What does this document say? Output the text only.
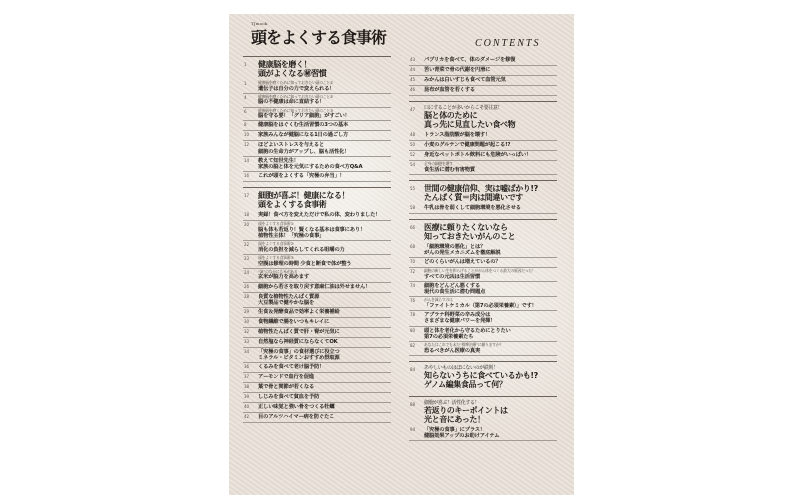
TJmook
頭をよくする食事術	CONTENTS
1 健康脳を磨く！
頭がよくなる㊙習慣
1	健康脳を磨くために知っておきたい頭のこと①
遺伝子は自分の力で変えられる！
4	健康脳を磨くために知っておきたい頭のこと②
脳の不健康は命に直結する！
6	健康脳を磨くために知っておきたい頭のこと③
脳を守る要！「グリア細胞」がすごい！
8 健康脳をはぐくむ生活習慣の3つの基本
10 家族みんなが健脳になる1日の過ごし方
12 ほどよいストレスを与えると
細胞の生命力がアップし、脳も活性化！
14 教えて知世先生！
家族の脳と体を元気にするための食べ方Q&A
16 これが頭をよくする「究極の弁当」！
17 細胞が喜ぶ！健康になる！
頭をよくする食事術
18 実録！食べ方を変えただけで私の体、変わりました！
20 頭をよくする食事術①
脳も体も若返り！賢くなる基本は食事にあり！
植物性主体！「究極の食事」
22 頭をよくする食事術②
消化の負担を減らしてくれる咀嚼の力
23 頭をよくする食事術③
空腹は修理の時間 少食と断食で体が整う
24 “氣”のなかにも米がある
玄米が脳力を高めます
26 細胞から若さを取り戻す意麻仁油は外せません！
28 良質な植物性たんぱく質源
大豆製品で健やかな脳を
29 生食＆発酵食品で効率よく栄養補給
30 食物繊維で腸をいつもキレイに
32 植物性たんぱく質で肝・腎が元気に
33 自然塩なら神経質にならなくてOK
34 「究極の食事」の食材選びに役立つ
ミネラル・ビタミンおすすめ摂取源
36 くるみを食べて老け脳予防！
37 アーモンドで血行を促進
38 葉で骨と関節が若くなる
39 しじみを食べて貧血を予防
40 正しい味覚と強い骨をつくる牡蠣
42 目のアルツハイマー病を防ぐたこ
43 パプリカを食べて、体のダメージを修復
44 苦い青菜で骨の代謝を円滑に
45 みかんは白いすじも食べて血管元気
46 昆布が血管を若くする
47 口にすることが多いからこそ要注意！
脳と体のために
真っ先に見直したい食べ物
48 トランス脂肪酸が脳を壊す！
50 小麦のグルテンで健康問題が起こる!?
52 身近なペットボトル飲料にも危険がいっぱい！
54 全身の細胞を壊す
食生活に潜む有害物質
55 世間の健康信仰、実は嘘ばかり!?
たんぱく質＝肉は間違いです
58 牛乳は骨を弱くして細胞環境を悪化させる
66 医療に頼りたくないなら
知っておきたいがんのこと
68 「細胞環境の悪化」とは？
がんの発生メカニズムを徹底解説
70 どのくらいがんは増えているの？
72 細胞の新しい生を和らげることががん体をつくる最大の原因だった！
すべての元凶は生活習慣
74 細胞をどんどん悪くする
現代の食生活に潜む問題点
76 がんを減らすのは
「ファイトケミカル（第7の必須栄養素）」です！
78 アブラナ科野菜の辛み成分は
さまざまな健康パワーを発揮！
80 頭と体を老化から守るためにとりたい
第7の必須栄養素たち
82 あなたはこれでも未だ“標準治療”に頼りますか？
恐るべきがん医療の真実
84 あやしいものはほにないのが鉄則！
知らないうちに食べているかも!?
ゲノム編集食品って何？
88 細胞が喜ぶ！活性化する！
若返りのキーポイントは
光と音にあった！
94 「究極の食事」にプラス！
健脳効果アップのお助けアイテム
